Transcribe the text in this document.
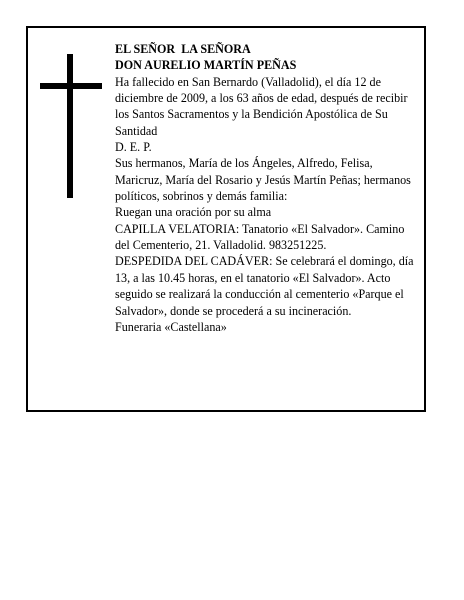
EL SEÑOR  LA SEÑORA

DON AURELIO MARTÍN PEÑAS

Ha fallecido en San Bernardo (Valladolid), el día 12 de diciembre de 2009, a los 63 años de edad, después de recibir los Santos Sacramentos y la Bendición Apostólica de Su Santidad

D. E. P.

Sus hermanos, María de los Ángeles, Alfredo, Felisa, Maricruz, María del Rosario y Jesús Martín Peñas; hermanos políticos, sobrinos y demás familia:

Ruegan una oración por su alma

CAPILLA VELATORIA: Tanatorio «El Salvador». Camino del Cementerio, 21. Valladolid. 983251225.

DESPEDIDA DEL CADÁVER: Se celebrará el domingo, día 13, a las 10.45 horas, en el tanatorio «El Salvador». Acto seguido se realizará la conducción al cementerio «Parque el Salvador», donde se procederá a su incineración.

Funeraria «Castellana»
